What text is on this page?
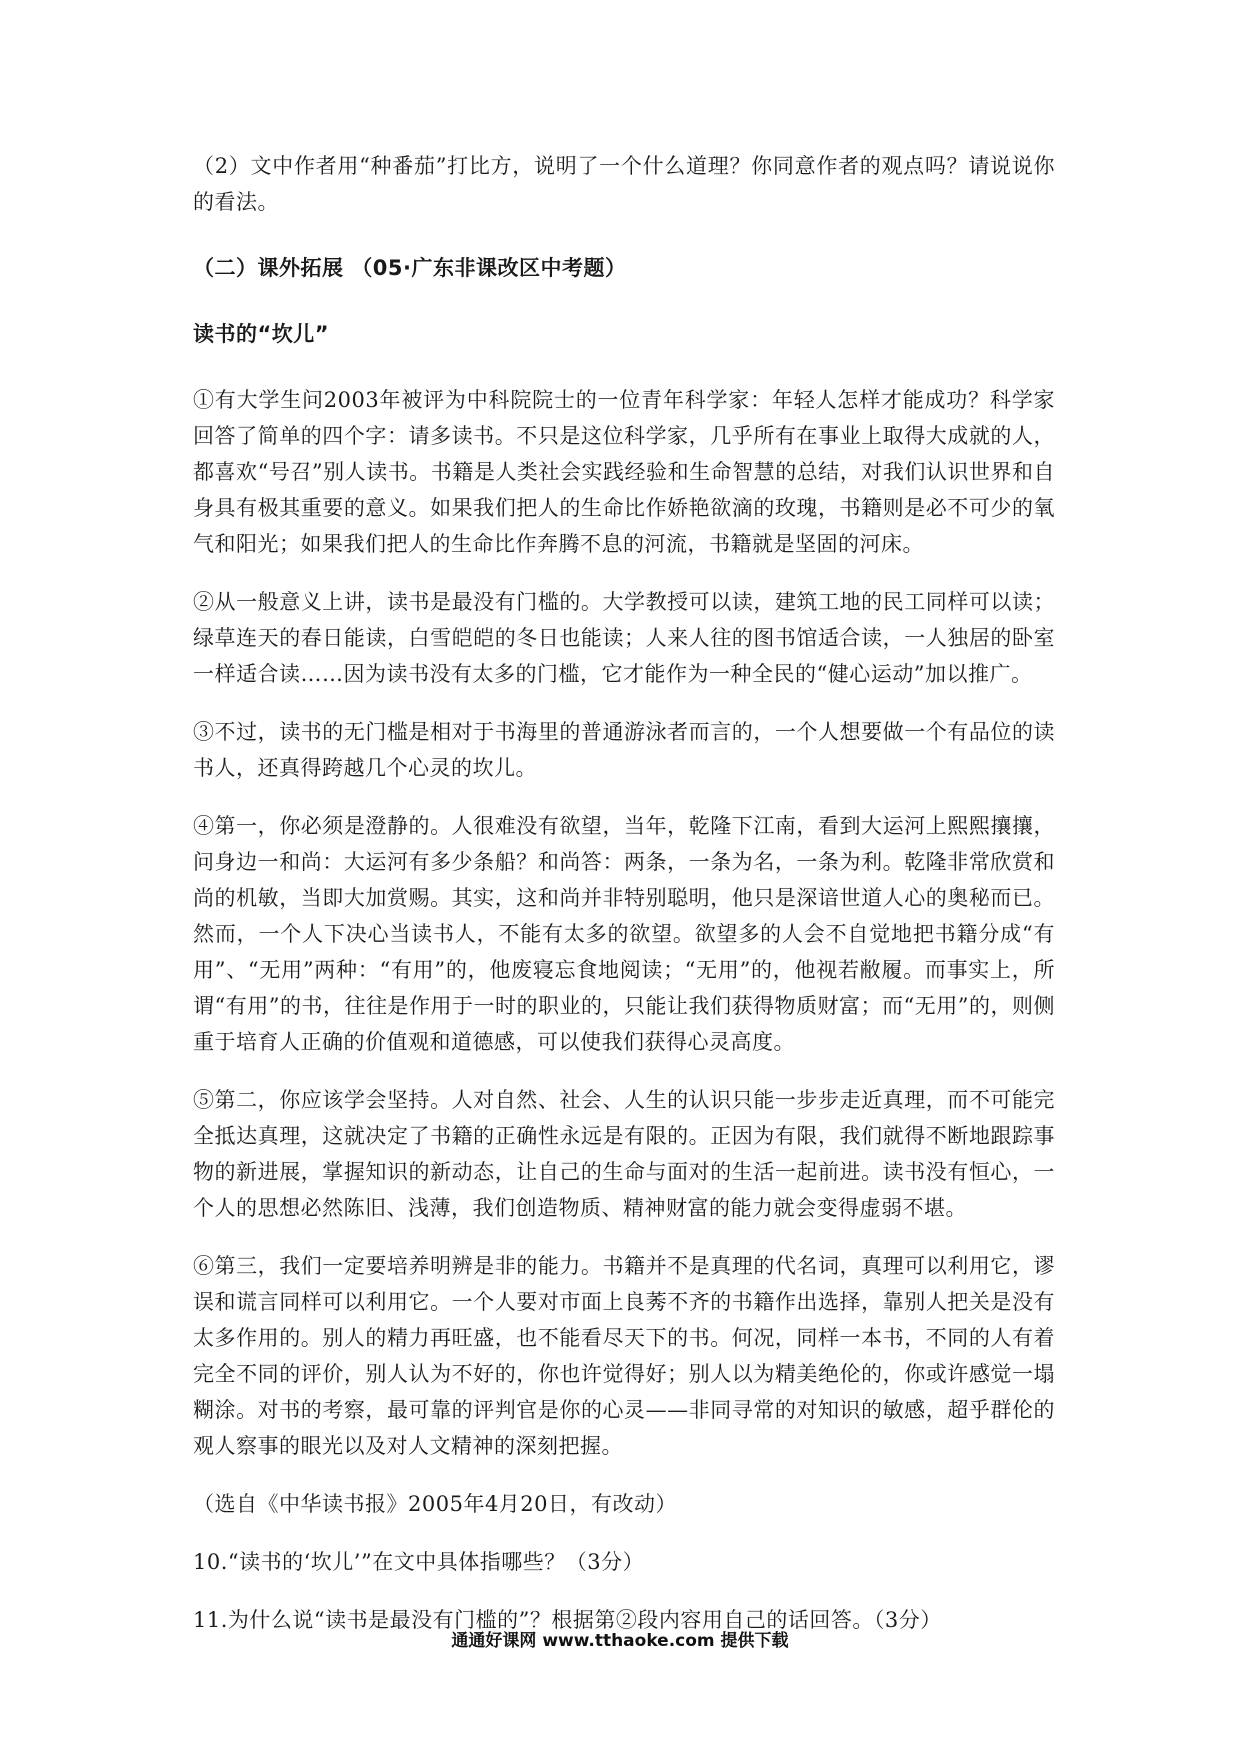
（2）文中作者用“种番茄”打比方，说明了一个什么道理？你同意作者的观点吗？请说说你的看法。

（二）课外拓展 （05·广东非课改区中考题）

读书的“坎儿”

①有大学生问2003年被评为中科院院士的一位青年科学家：年轻人怎样才能成功？科学家回答了简单的四个字：请多读书。不只是这位科学家，几乎所有在事业上取得大成就的人，都喜欢“号召”别人读书。书籍是人类社会实践经验和生命智慧的总结，对我们认识世界和自身具有极其重要的意义。如果我们把人的生命比作娇艳欲滴的玫瑰，书籍则是必不可少的氧气和阳光；如果我们把人的生命比作奔腾不息的河流，书籍就是坚固的河床。

②从一般意义上讲，读书是最没有门槛的。大学教授可以读，建筑工地的民工同样可以读；绿草连天的春日能读，白雪皑皑的冬日也能读；人来人往的图书馆适合读，一人独居的卧室一样适合读……因为读书没有太多的门槛，它才能作为一种全民的“健心运动”加以推广。

③不过，读书的无门槛是相对于书海里的普通游泳者而言的，一个人想要做一个有品位的读书人，还真得跨越几个心灵的坎儿。

④第一，你必须是澄静的。人很难没有欲望，当年，乾隆下江南，看到大运河上熙熙攘攘，问身边一和尚：大运河有多少条船？和尚答：两条，一条为名，一条为利。乾隆非常欣赏和尚的机敏，当即大加赏赐。其实，这和尚并非特别聪明，他只是深谙世道人心的奥秘而已。然而，一个人下决心当读书人，不能有太多的欲望。欲望多的人会不自觉地把书籍分成“有用”、“无用”两种：“有用”的，他废寝忘食地阅读；“无用”的，他视若敝履。而事实上，所谓“有用”的书，往往是作用于一时的职业的，只能让我们获得物质财富；而“无用”的，则侧重于培育人正确的价值观和道德感，可以使我们获得心灵高度。

⑤第二，你应该学会坚持。人对自然、社会、人生的认识只能一步步走近真理，而不可能完全抵达真理，这就决定了书籍的正确性永远是有限的。正因为有限，我们就得不断地跟踪事物的新进展，掌握知识的新动态，让自己的生命与面对的生活一起前进。读书没有恒心，一个人的思想必然陈旧、浅薄，我们创造物质、精神财富的能力就会变得虚弱不堪。

⑥第三，我们一定要培养明辨是非的能力。书籍并不是真理的代名词，真理可以利用它，谬误和谎言同样可以利用它。一个人要对市面上良莠不齐的书籍作出选择，靠别人把关是没有太多作用的。别人的精力再旺盛，也不能看尽天下的书。何况，同样一本书，不同的人有着完全不同的评价，别人认为不好的，你也许觉得好；别人以为精美绝伦的，你或许感觉一塌糊涂。对书的考察，最可靠的评判官是你的心灵——非同寻常的对知识的敏感，超乎群伦的观人察事的眼光以及对人文精神的深刻把握。

（选自《中华读书报》2005年4月20日，有改动）

10.“读书的‘坎儿’”在文中具体指哪些？（3分）

11.为什么说“读书是最没有门槛的”？根据第②段内容用自己的话回答。（3分）

通通好课网 www.tthaoke.com 提供下载
